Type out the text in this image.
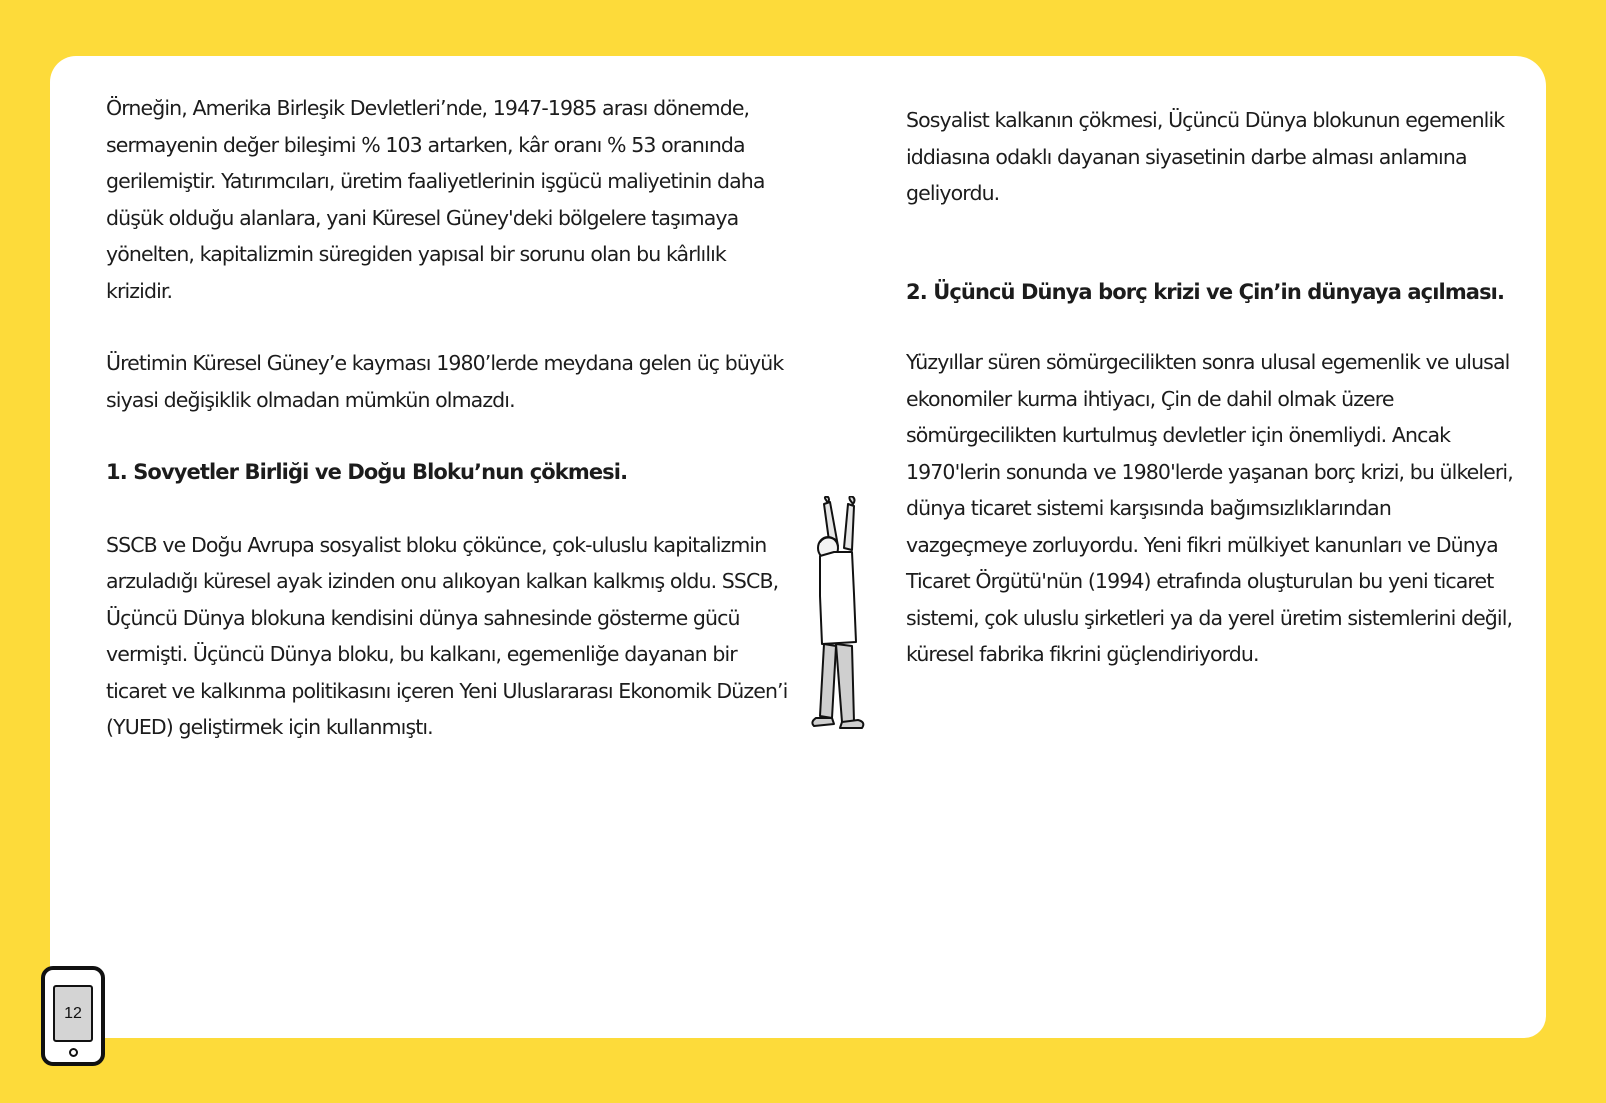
Örneğin, Amerika Birleşik Devletleri’nde, 1947-1985 arası dönemde, sermayenin değer bileşimi % 103 artarken, kâr oranı % 53 oranında gerilemiştir. Yatırımcıları, üretim faaliyetlerinin işgücü maliyetinin daha düşük olduğu alanlara, yani Küresel Güney'deki bölgelere taşımaya yönelten, kapitalizmin süregiden yapısal bir sorunu olan bu kârlılık krizidir.

Üretimin Küresel Güney’e kayması 1980’lerde meydana gelen üç büyük siyasi değişiklik olmadan mümkün olmazdı.

1. Sovyetler Birliği ve Doğu Bloku’nun çökmesi.

SSCB ve Doğu Avrupa sosyalist bloku çökünce, çok-uluslu kapitalizmin arzuladığı küresel ayak izinden onu alıkoyan kalkan kalkmış oldu. SSCB, Üçüncü Dünya blokuna kendisini dünya sahnesinde gösterme gücü vermişti. Üçüncü Dünya bloku, bu kalkanı, egemenliğe dayanan bir ticaret ve kalkınma politikasını içeren Yeni Uluslararası Ekonomik Düzen’i (YUED) geliştirmek için kullanmıştı.

Sosyalist kalkanın çökmesi, Üçüncü Dünya blokunun egemenlik iddiasına odaklı dayanan siyasetinin darbe alması anlamına geliyordu.

2. Üçüncü Dünya borç krizi ve Çin’in dünyaya açılması.

Yüzyıllar süren sömürgecilikten sonra ulusal egemenlik ve ulusal ekonomiler kurma ihtiyacı, Çin de dahil olmak üzere sömürgecilikten kurtulmuş devletler için önemliydi. Ancak 1970'lerin sonunda ve 1980'lerde yaşanan borç krizi, bu ülkeleri, dünya ticaret sistemi karşısında bağımsızlıklarından vazgeçmeye zorluyordu. Yeni fikri mülkiyet kanunları ve Dünya Ticaret Örgütü'nün (1994) etrafında oluşturulan bu yeni ticaret sistemi, çok uluslu şirketleri ya da yerel üretim sistemlerini değil, küresel fabrika fikrini güçlendiriyordu.

12
